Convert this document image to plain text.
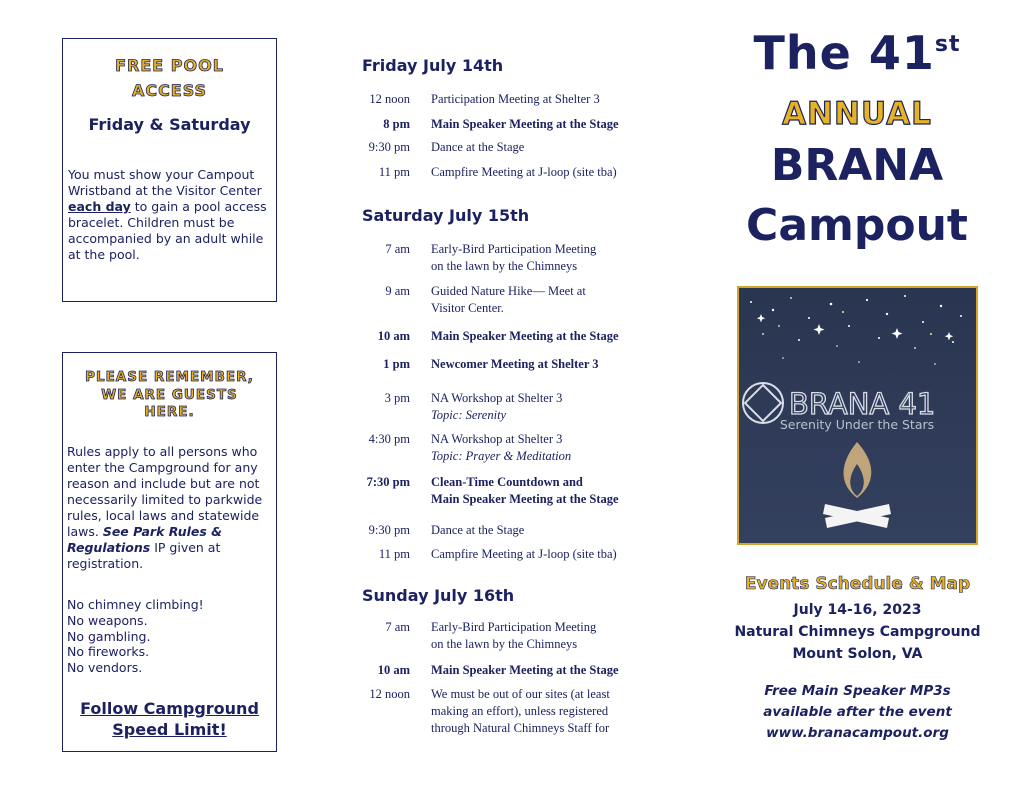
FREE POOL
ACCESS
Friday & Saturday
You must show your Campout Wristband at the Visitor Center each day to gain a pool access bracelet. Children must be accompanied by an adult while at the pool.
PLEASE REMEMBER,
WE ARE GUESTS
HERE.
Rules apply to all persons who enter the Campground for any reason and include but are not necessarily limited to parkwide rules, local laws and statewide laws. See Park Rules & Regulations IP given at registration.
No chimney climbing!
No weapons.
No gambling.
No fireworks.
No vendors.
Follow Campground
Speed Limit!
Friday July 14th
12 noon Participation Meeting at Shelter 3
8 pm Main Speaker Meeting at the Stage
9:30 pm Dance at the Stage
11 pm Campfire Meeting at J-loop (site tba)
Saturday July 15th
7 am Early-Bird Participation Meeting
on the lawn by the Chimneys
9 am Guided Nature Hike— Meet at
Visitor Center.
10 am Main Speaker Meeting at the Stage
1 pm Newcomer Meeting at Shelter 3
3 pm NA Workshop at Shelter 3
Topic: Serenity
4:30 pm NA Workshop at Shelter 3
Topic: Prayer & Meditation
7:30 pm Clean-Time Countdown and
Main Speaker Meeting at the Stage
9:30 pm Dance at the Stage
11 pm Campfire Meeting at J-loop (site tba)
Sunday July 16th
7 am Early-Bird Participation Meeting
on the lawn by the Chimneys
10 am Main Speaker Meeting at the Stage
12 noon We must be out of our sites (at least
making an effort), unless registered
through Natural Chimneys Staff for
The 41st
ANNUAL
BRANA
Campout
BRANA 41
Serenity Under the Stars
Events Schedule & Map
July 14-16, 2023
Natural Chimneys Campground
Mount Solon, VA
Free Main Speaker MP3s
available after the event
www.branacampout.org
